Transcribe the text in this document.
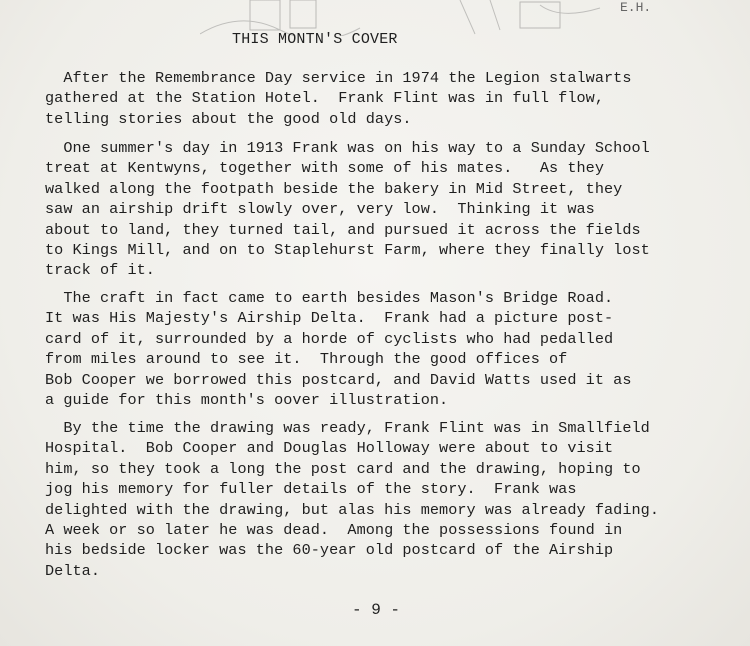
E.H.
THIS MONTN'S COVER
After the Remembrance Day service in 1974 the Legion stalwarts
gathered at the Station Hotel.  Frank Flint was in full flow,
telling stories about the good old days.
One summer's day in 1913 Frank was on his way to a Sunday School
treat at Kentwyns, together with some of his mates.   As they
walked along the footpath beside the bakery in Mid Street, they
saw an airship drift slowly over, very low.  Thinking it was
about to land, they turned tail, and pursued it across the fields
to Kings Mill, and on to Staplehurst Farm, where they finally lost
track of it.
The craft in fact came to earth besides Mason's Bridge Road.
It was His Majesty's Airship Delta.  Frank had a picture post-
card of it, surrounded by a horde of cyclists who had pedalled
from miles around to see it.  Through the good offices of
Bob Cooper we borrowed this postcard, and David Watts used it as
a guide for this month's oover illustration.
By the time the drawing was ready, Frank Flint was in Smallfield
Hospital.  Bob Cooper and Douglas Holloway were about to visit
him, so they took a long the post card and the drawing, hoping to
jog his memory for fuller details of the story.  Frank was
delighted with the drawing, but alas his memory was already fading.
A week or so later he was dead.  Among the possessions found in
his bedside locker was the 60-year old postcard of the Airship
Delta.
- 9 -
